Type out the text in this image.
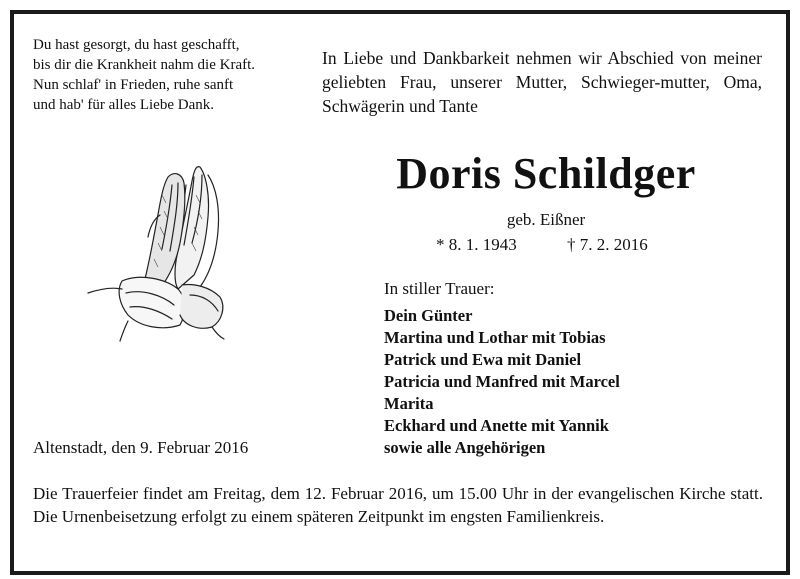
Du hast gesorgt, du hast geschafft,
bis dir die Krankheit nahm die Kraft.
Nun schlaf' in Frieden, ruhe sanft
und hab' für alles Liebe Dank.
In Liebe und Dankbarkeit nehmen wir Abschied von meiner geliebten Frau, unserer Mutter, Schwieger-mutter, Oma, Schwägerin und Tante
Doris Schildger
geb. Eißner
* 8. 1. 1943	† 7. 2. 2016
In stiller Trauer:
Dein Günter
Martina und Lothar mit Tobias
Patrick und Ewa mit Daniel
Patricia und Manfred mit Marcel
Marita
Eckhard und Anette mit Yannik
sowie alle Angehörigen
Altenstadt, den 9. Februar 2016
Die Trauerfeier findet am Freitag, dem 12. Februar 2016, um 15.00 Uhr in der evangelischen Kirche statt. Die Urnenbeisetzung erfolgt zu einem späteren Zeitpunkt im engsten Familienkreis.
